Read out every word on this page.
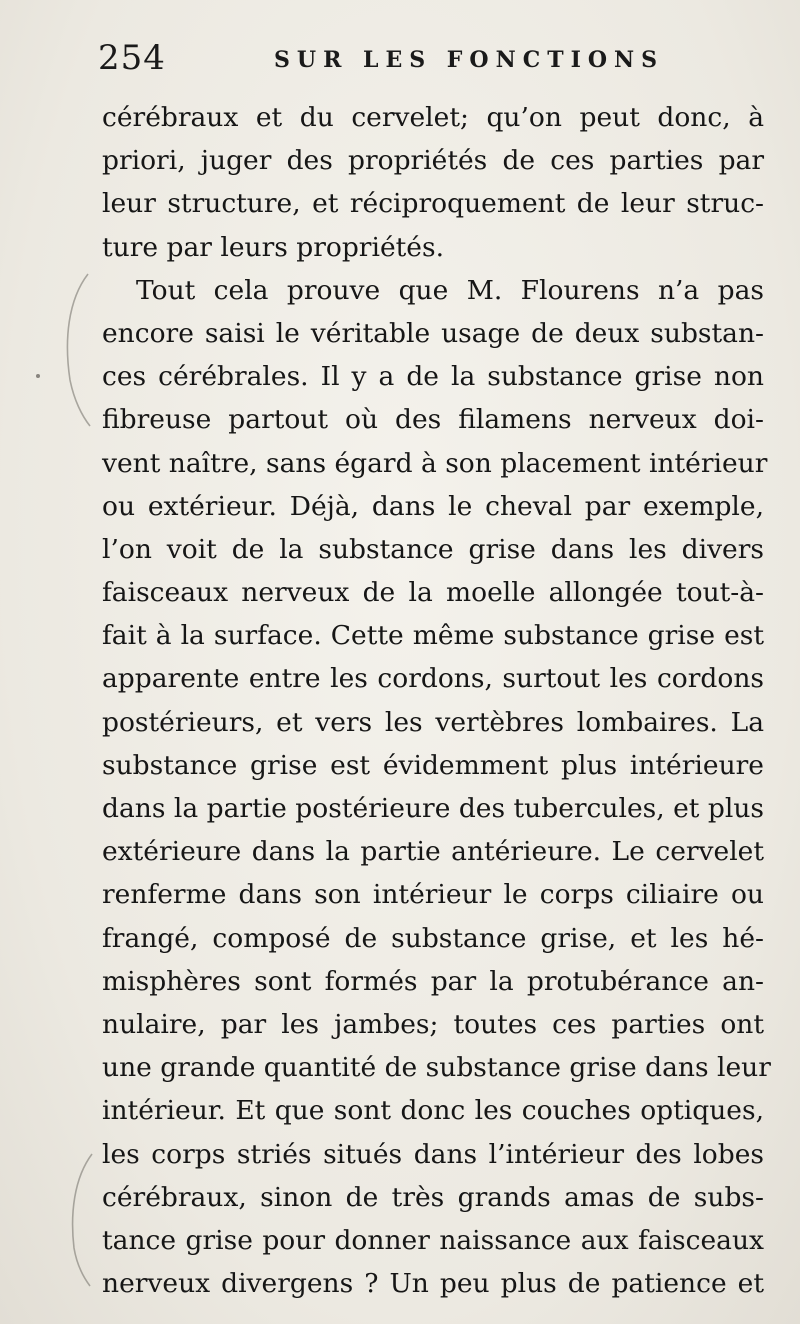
254	SUR LES FONCTIONS
cérébraux et du cervelet; qu’on peut donc, à
priori, juger des propriétés de ces parties par
leur structure, et réciproquement de leur struc-
ture par leurs propriétés.
Tout cela prouve que M. Flourens n’a pas
encore saisi le véritable usage de deux substan-
ces cérébrales. Il y a de la substance grise non
fibreuse partout où des filamens nerveux doi-
vent naître, sans égard à son placement intérieur
ou extérieur. Déjà, dans le cheval par exemple,
l’on voit de la substance grise dans les divers
faisceaux nerveux de la moelle allongée tout-à-
fait à la surface. Cette même substance grise est
apparente entre les cordons, surtout les cordons
postérieurs, et vers les vertèbres lombaires. La
substance grise est évidemment plus intérieure
dans la partie postérieure des tubercules, et plus
extérieure dans la partie antérieure. Le cervelet
renferme dans son intérieur le corps ciliaire ou
frangé, composé de substance grise, et les hé-
misphères sont formés par la protubérance an-
nulaire, par les jambes; toutes ces parties ont
une grande quantité de substance grise dans leur
intérieur. Et que sont donc les couches optiques,
les corps striés situés dans l’intérieur des lobes
cérébraux, sinon de très grands amas de subs-
tance grise pour donner naissance aux faisceaux
nerveux divergens ? Un peu plus de patience et
